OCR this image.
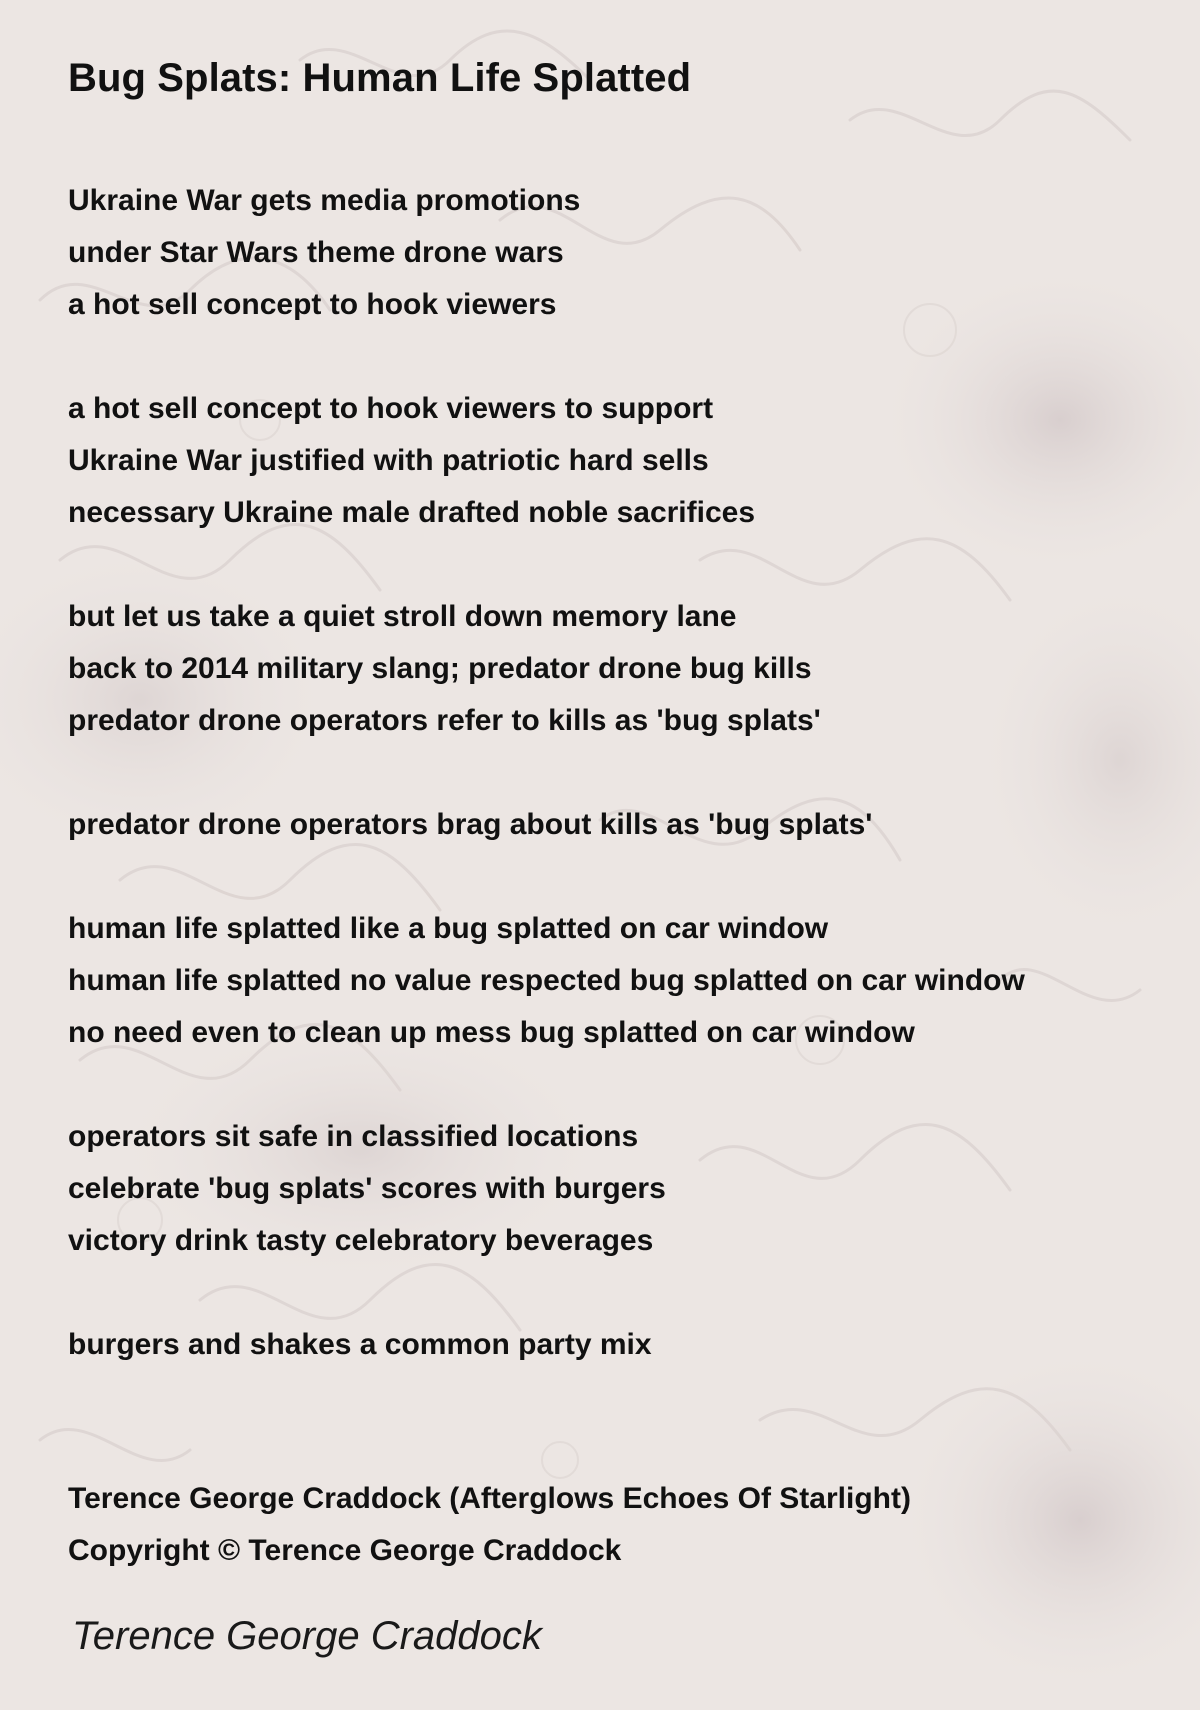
Bug Splats: Human Life Splatted
Ukraine War gets media promotions
under Star Wars theme drone wars
a hot sell concept to hook viewers
a hot sell concept to hook viewers to support
Ukraine War justified with patriotic hard sells
necessary Ukraine male drafted noble sacrifices
but let us take a quiet stroll down memory lane
back to 2014 military slang; predator drone bug kills
predator drone operators refer to kills as 'bug splats'
predator drone operators brag about kills as 'bug splats'
human life splatted like a bug splatted on car window
human life splatted no value respected bug splatted on car window
no need even to clean up mess bug splatted on car window
operators sit safe in classified locations
celebrate 'bug splats' scores with burgers
victory drink tasty celebratory beverages
burgers and shakes a common party mix
Terence George Craddock (Afterglows Echoes Of Starlight)
Copyright © Terence George Craddock
Terence George Craddock
